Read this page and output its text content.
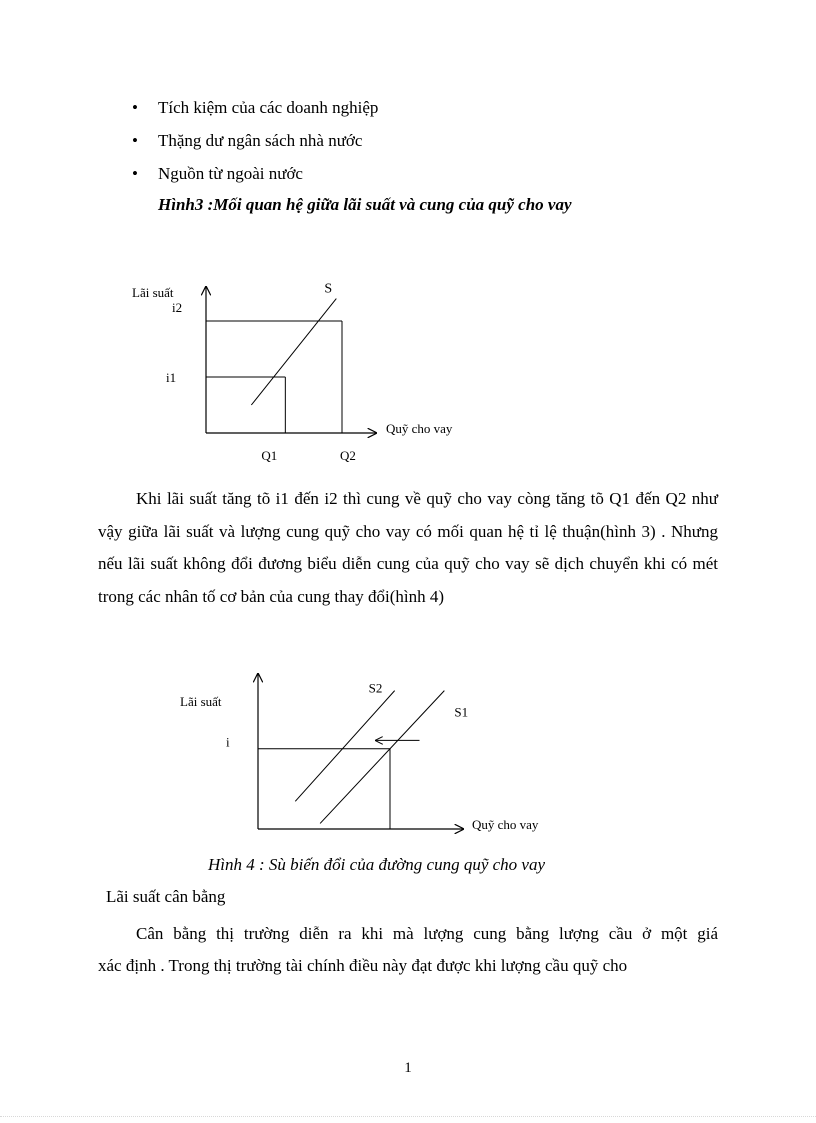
• Tích kiệm của các doanh nghiệp
• Thặng dư ngân sách nhà nước
• Nguồn từ ngoài nước
Hình3 :Mối quan hệ giữa lãi suất và cung của quỹ cho vay
Lãi suất
Quỹ cho vay
S
i1
i2
Q1	Q2

Khi lãi suất tăng tõ i1 đến i2 thì cung về quỹ cho vay còng tăng tõ Q1 đến Q2 như vậy giữa lãi suất và lượng cung quỹ cho vay có mối quan hệ tỉ lệ thuận(hình 3) . Nhưng nếu lãi suất không đổi đương biểu diễn cung của quỹ cho vay sẽ dịch chuyển khi có mét trong các nhân tố cơ bản của cung thay đổi(hình 4)

Lãi suất
Quỹ cho vay
S1
S2
i
Hình 4 : Sù biến đổi của đường cung quỹ cho vay
Lãi suất cân bằng

Cân bằng thị trường diễn ra khi mà lượng cung bằng lượng cầu ở một giá
xác định . Trong thị trường tài chính điều này đạt được khi lượng cầu quỹ cho

1
